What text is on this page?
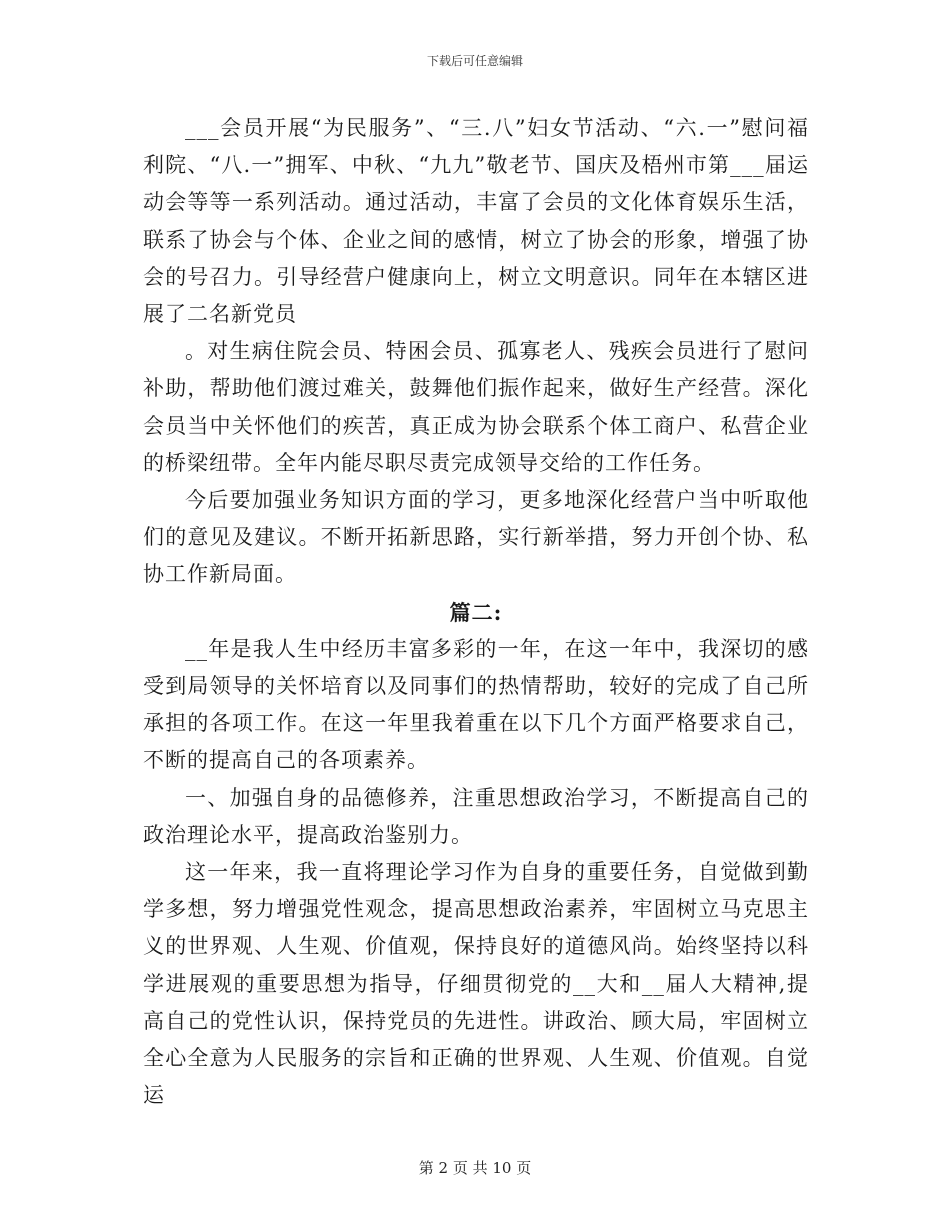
下载后可任意编辑

___会员开展“为民服务”、“三.八”妇女节活动、“六.一”慰问福利院、“八.一”拥军、中秋、“九九”敬老节、国庆及梧州市第___届运动会等等一系列活动。通过活动，丰富了会员的文化体育娱乐生活，联系了协会与个体、企业之间的感情，树立了协会的形象，增强了协会的号召力。引导经营户健康向上，树立文明意识。同年在本辖区进展了二名新党员

。对生病住院会员、特困会员、孤寡老人、残疾会员进行了慰问补助，帮助他们渡过难关，鼓舞他们振作起来，做好生产经营。深化会员当中关怀他们的疾苦，真正成为协会联系个体工商户、私营企业的桥梁纽带。全年内能尽职尽责完成领导交给的工作任务。

今后要加强业务知识方面的学习，更多地深化经营户当中听取他们的意见及建议。不断开拓新思路，实行新举措，努力开创个协、私协工作新局面。

篇二:

__年是我人生中经历丰富多彩的一年，在这一年中，我深切的感受到局领导的关怀培育以及同事们的热情帮助，较好的完成了自己所承担的各项工作。在这一年里我着重在以下几个方面严格要求自己，不断的提高自己的各项素养。

一、加强自身的品德修养，注重思想政治学习，不断提高自己的政治理论水平，提高政治鉴别力。

这一年来，我一直将理论学习作为自身的重要任务，自觉做到勤学多想，努力增强党性观念，提高思想政治素养，牢固树立马克思主义的世界观、人生观、价值观，保持良好的道德风尚。始终坚持以科学进展观的重要思想为指导，仔细贯彻党的__大和__届人大精神,提高自己的党性认识，保持党员的先进性。讲政治、顾大局，牢固树立全心全意为人民服务的宗旨和正确的世界观、人生观、价值观。自觉运

第 2 页 共 10 页
